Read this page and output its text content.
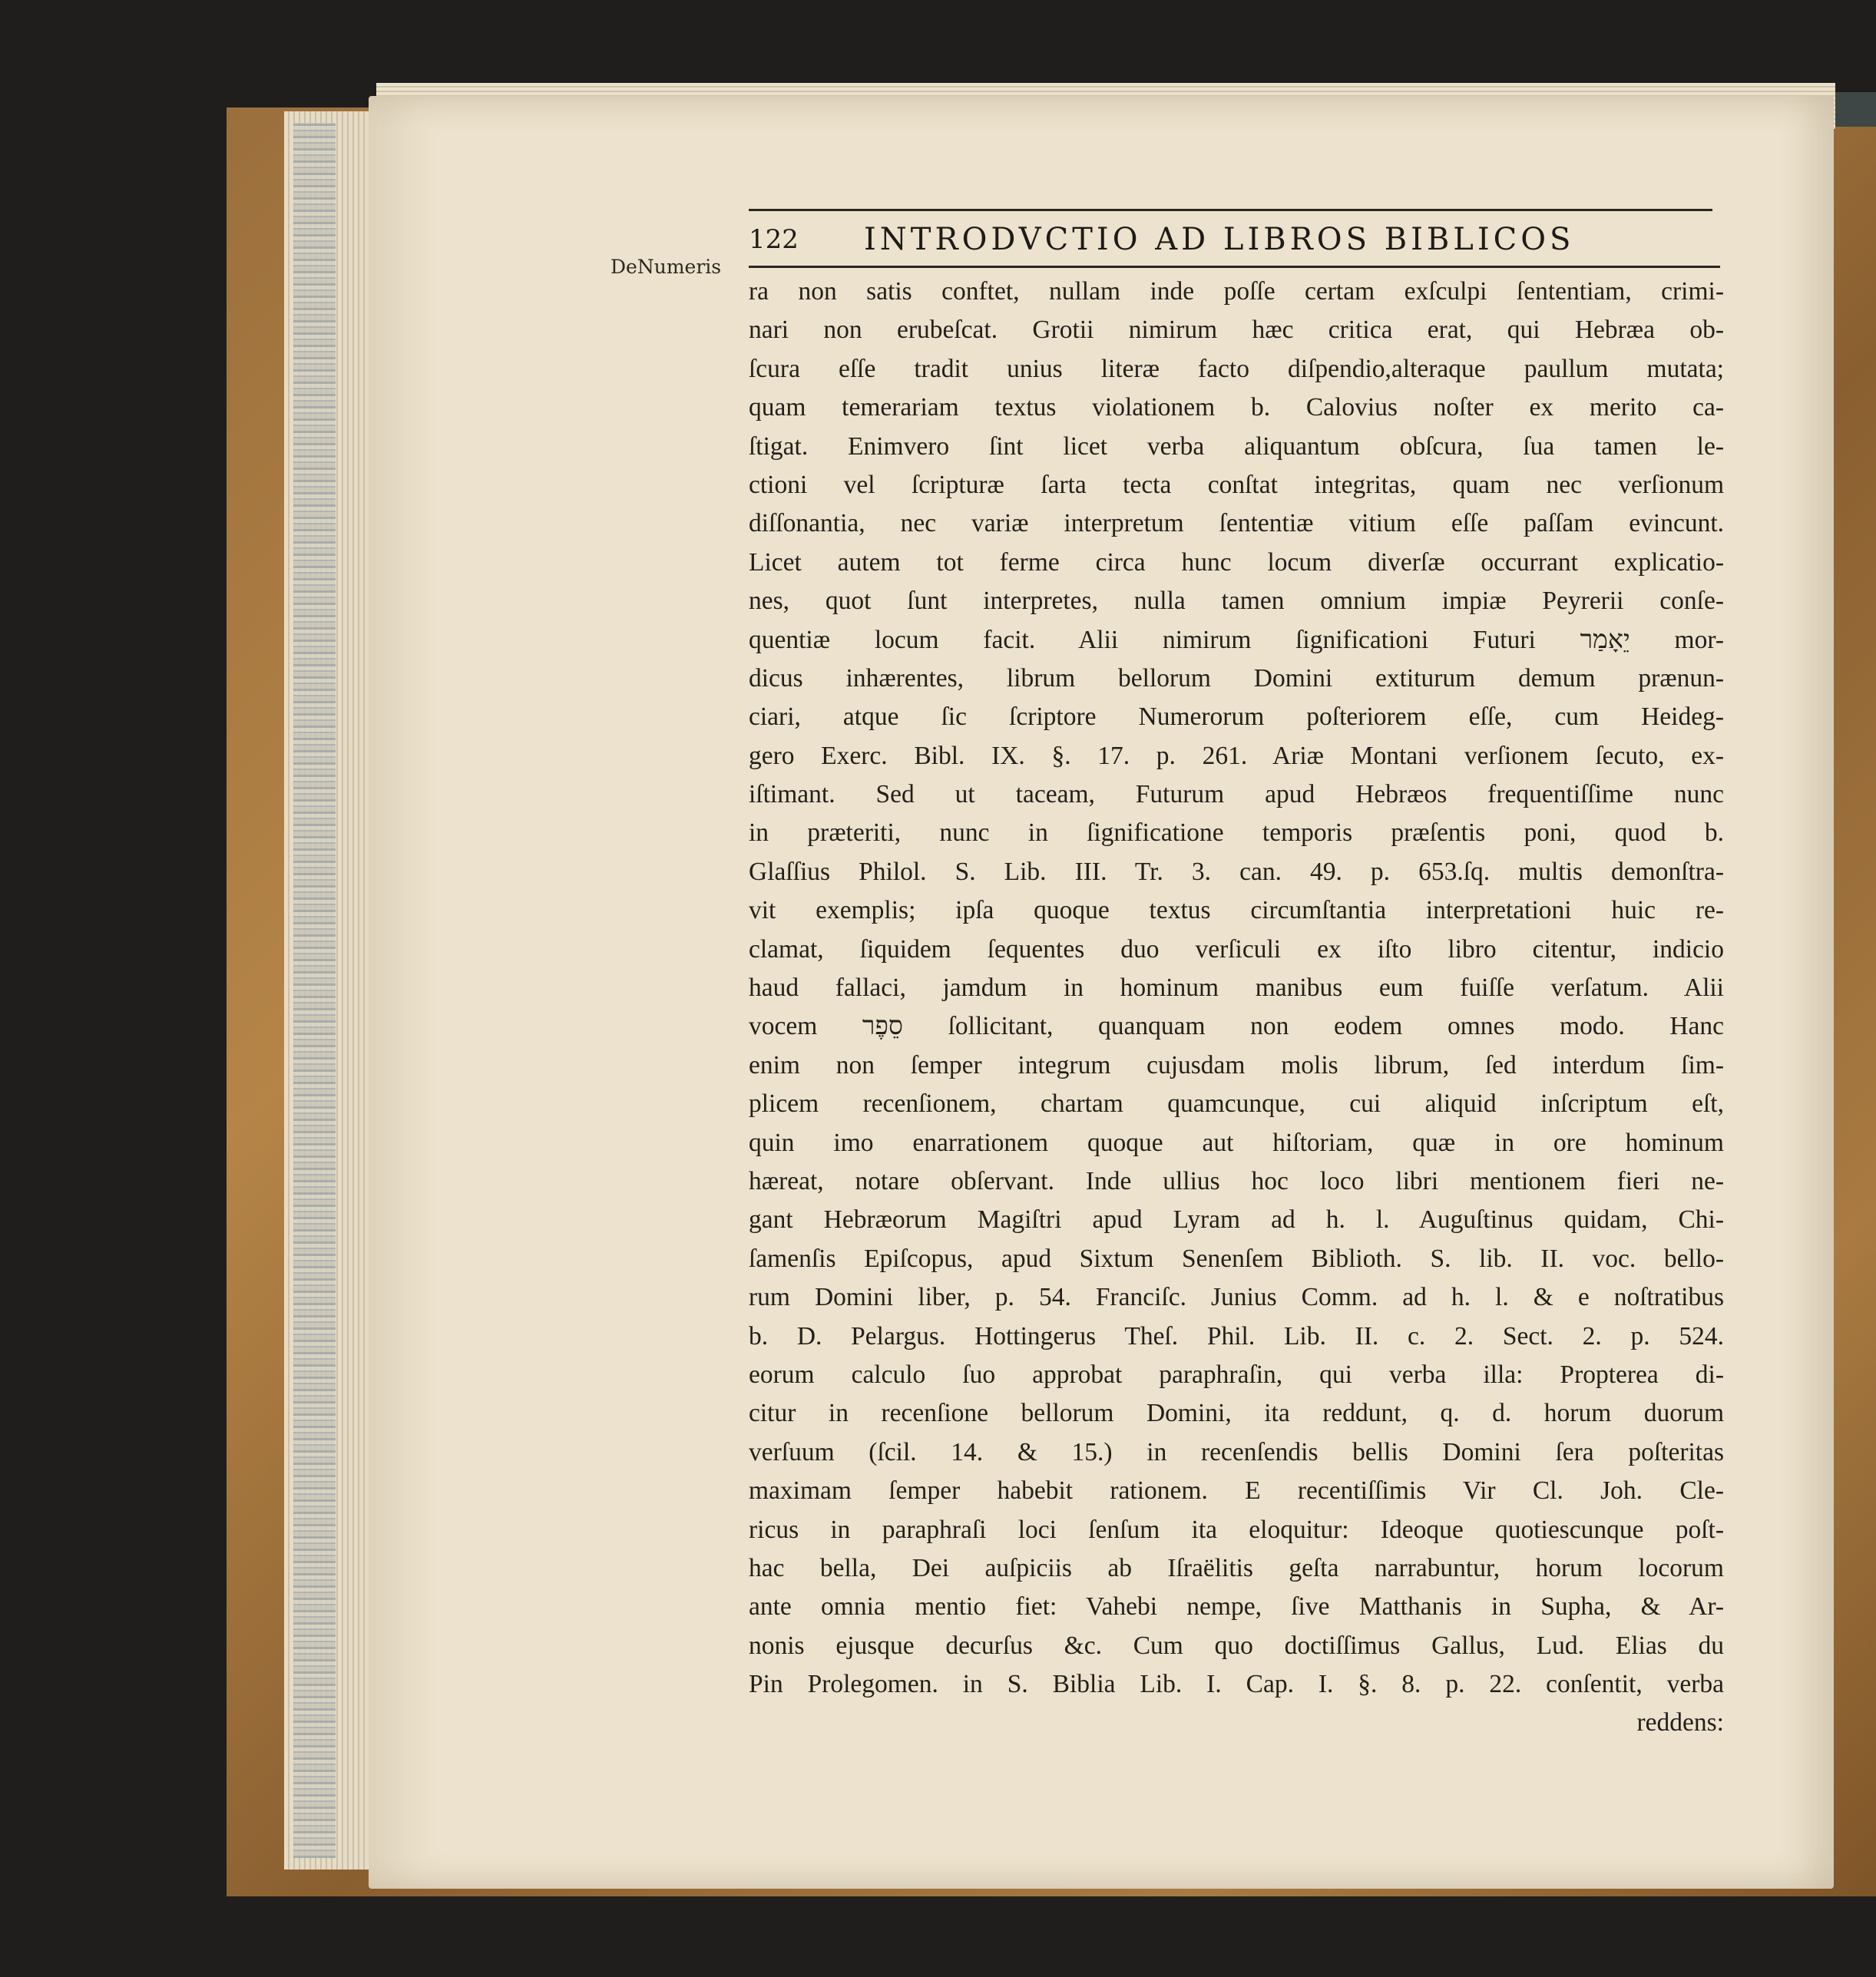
122 INTRODVCTIO AD LIBROS BIBLICOS
DeNumeris
ra non satis conftet, nullam inde poſſe certam exſculpi ſententiam, crimi-
nari non erubeſcat. Grotii nimirum hæc critica erat, qui Hebræa ob-
ſcura eſſe tradit unius literæ facto diſpendio,alteraque paullum mutata;
quam temerariam textus violationem b. Calovius noſter ex merito ca-
ſtigat. Enimvero ſint licet verba aliquantum obſcura, ſua tamen le-
ctioni vel ſcripturæ ſarta tecta conſtat integritas, quam nec verſionum
diſſonantia, nec variæ interpretum ſententiæ vitium eſſe paſſam evincunt.
Licet autem tot ferme circa hunc locum diverſæ occurrant explicatio-
nes, quot ſunt interpretes, nulla tamen omnium impiæ Peyrerii conſe-
quentiæ locum facit. Alii nimirum ſignificationi Futuri יֵאָמַר mor-
dicus inhærentes, librum bellorum Domini extiturum demum prænun-
ciari, atque ſic ſcriptore Numerorum poſteriorem eſſe, cum Heideg-
gero Exerc. Bibl. IX. §. 17. p. 261. Ariæ Montani verſionem ſecuto, ex-
iſtimant. Sed ut taceam, Futurum apud Hebræos frequentiſſime nunc
in præteriti, nunc in ſignificatione temporis præſentis poni, quod b.
Glaſſius Philol. S. Lib. III. Tr. 3. can. 49. p. 653.ſq. multis demonſtra-
vit exemplis; ipſa quoque textus circumſtantia interpretationi huic re-
clamat, ſiquidem ſequentes duo verſiculi ex iſto libro citentur, indicio
haud fallaci, jamdum in hominum manibus eum fuiſſe verſatum. Alii
vocem סֵפֶר ſollicitant, quanquam non eodem omnes modo. Hanc
enim non ſemper integrum cujusdam molis librum, ſed interdum ſim-
plicem recenſionem, chartam quamcunque, cui aliquid inſcriptum eſt,
quin imo enarrationem quoque aut hiſtoriam, quæ in ore hominum
hæreat, notare obſervant. Inde ullius hoc loco libri mentionem fieri ne-
gant Hebræorum Magiſtri apud Lyram ad h. l. Auguſtinus quidam, Chi-
ſamenſis Epiſcopus, apud Sixtum Senenſem Biblioth. S. lib. II. voc. bello-
rum Domini liber, p. 54. Franciſc. Junius Comm. ad h. l. & e noſtratibus
b. D. Pelargus. Hottingerus Theſ. Phil. Lib. II. c. 2. Sect. 2. p. 524.
eorum calculo ſuo approbat paraphraſin, qui verba illa: Propterea di-
citur in recenſione bellorum Domini, ita reddunt, q. d. horum duorum
verſuum (ſcil. 14. & 15.) in recenſendis bellis Domini ſera poſteritas
maximam ſemper habebit rationem. E recentiſſimis Vir Cl. Joh. Cle-
ricus in paraphraſi loci ſenſum ita eloquitur: Ideoque quotiescunque poſt-
hac bella, Dei auſpiciis ab Iſraëlitis geſta narrabuntur, horum locorum
ante omnia mentio fiet: Vahebi nempe, ſive Matthanis in Supha, & Ar-
nonis ejusque decurſus &c. Cum quo doctiſſimus Gallus, Lud. Elias du
Pin Prolegomen. in S. Biblia Lib. I. Cap. I. §. 8. p. 22. conſentit, verba
reddens:
